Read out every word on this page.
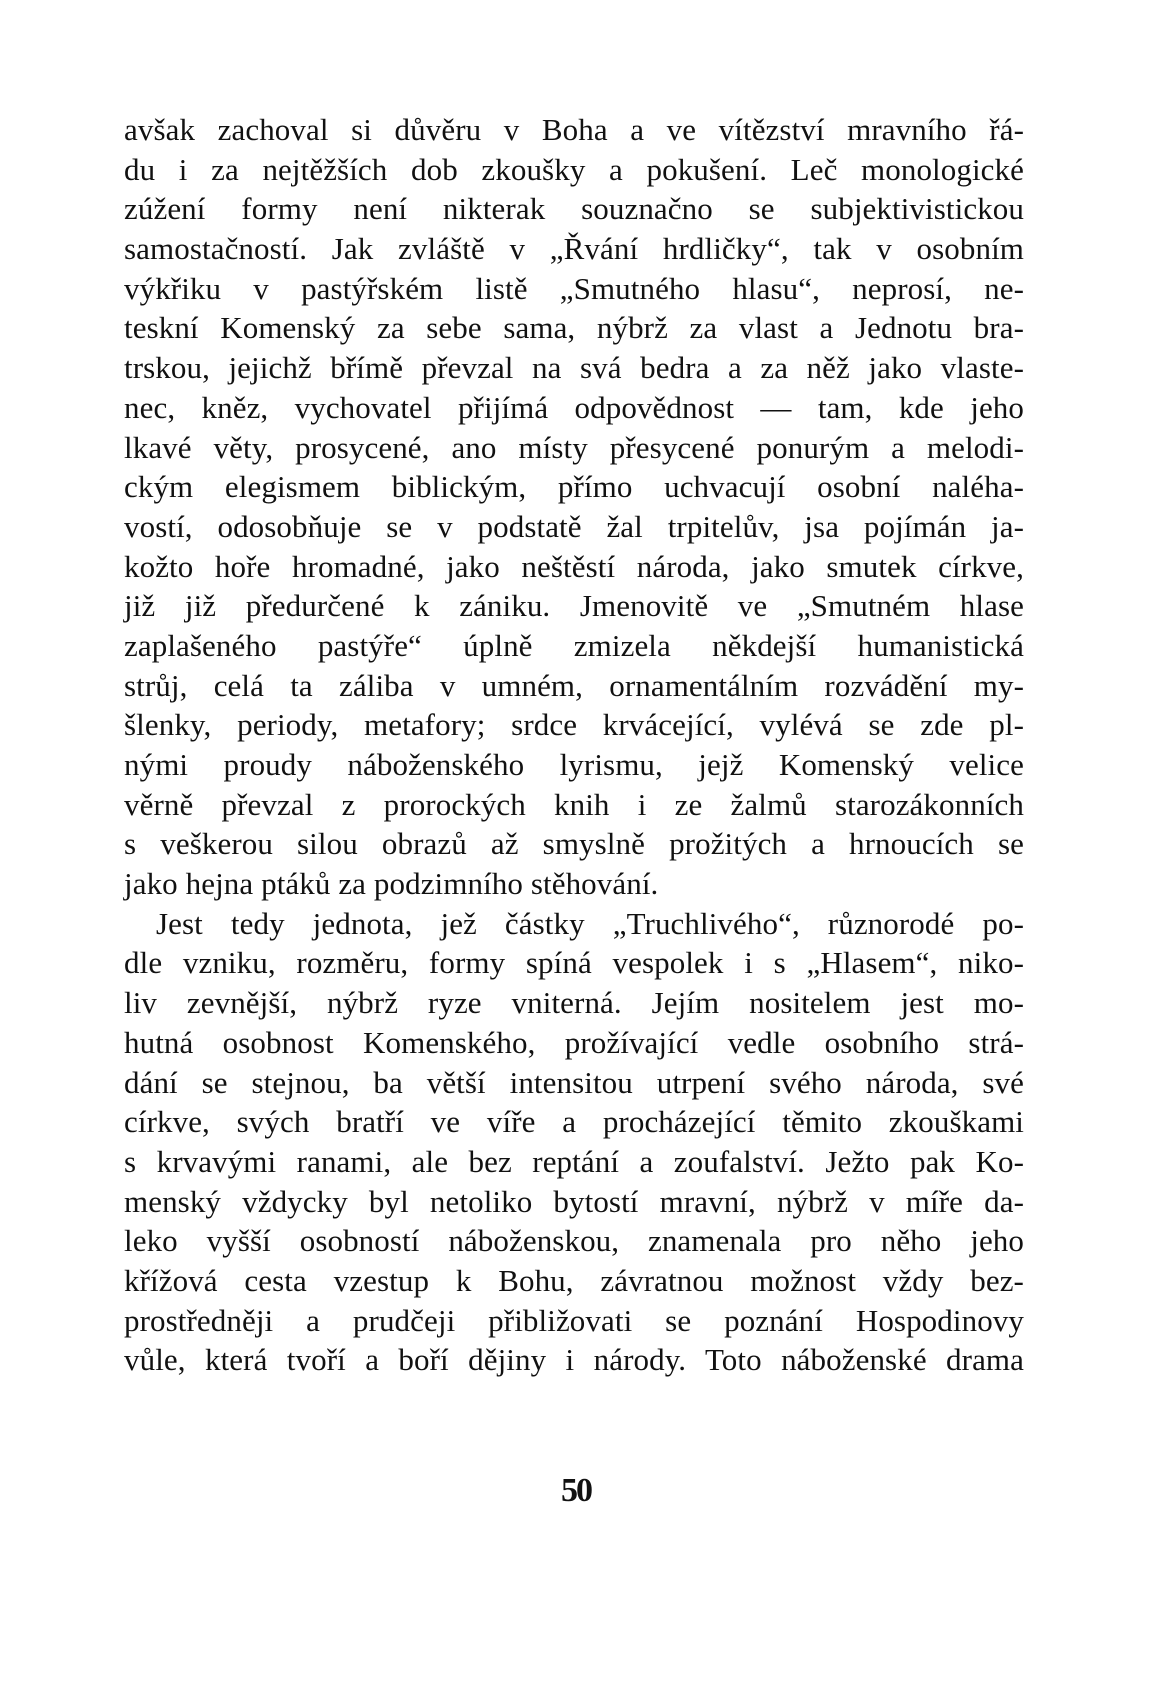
avšak zachoval si důvěru v Boha a ve vítězství mravního řá-
du i za nejtěžších dob zkoušky a pokušení. Leč monologické
zúžení formy není nikterak souznačno se subjektivistickou
samostačností. Jak zvláště v „Řvání hrdličky“, tak v osobním
výkřiku v pastýřském listě „Smutného hlasu“, neprosí, ne-
teskní Komenský za sebe sama, nýbrž za vlast a Jednotu bra-
trskou, jejichž břímě převzal na svá bedra a za něž jako vlaste-
nec, kněz, vychovatel přijímá odpovědnost — tam, kde jeho
lkavé věty, prosycené, ano místy přesycené ponurým a melodi-
ckým elegismem biblickým, přímo uchvacují osobní naléha-
vostí, odosobňuje se v podstatě žal trpitelův, jsa pojímán ja-
kožto hoře hromadné, jako neštěstí národa, jako smutek církve,
již již předurčené k zániku. Jmenovitě ve „Smutném hlase
zaplašeného pastýře“ úplně zmizela někdejší humanistická
strůj, celá ta záliba v umném, ornamentálním rozvádění my-
šlenky, periody, metafory; srdce krvácející, vylévá se zde pl-
nými proudy náboženského lyrismu, jejž Komenský velice
věrně převzal z prorockých knih i ze žalmů starozákonních
s veškerou silou obrazů až smyslně prožitých a hrnoucích se
jako hejna ptáků za podzimního stěhování.
Jest tedy jednota, jež částky „Truchlivého“, různorodé po-
dle vzniku, rozměru, formy spíná vespolek i s „Hlasem“, niko-
liv zevnější, nýbrž ryze vniterná. Jejím nositelem jest mo-
hutná osobnost Komenského, prožívající vedle osobního strá-
dání se stejnou, ba větší intensitou utrpení svého národa, své
církve, svých bratří ve víře a procházející těmito zkouškami
s krvavými ranami, ale bez reptání a zoufalství. Ježto pak Ko-
menský vždycky byl netoliko bytostí mravní, nýbrž v míře da-
leko vyšší osobností náboženskou, znamenala pro něho jeho
křížová cesta vzestup k Bohu, závratnou možnost vždy bez-
prostředněji a prudčeji přibližovati se poznání Hospodinovy
vůle, která tvoří a boří dějiny i národy. Toto náboženské drama
50
